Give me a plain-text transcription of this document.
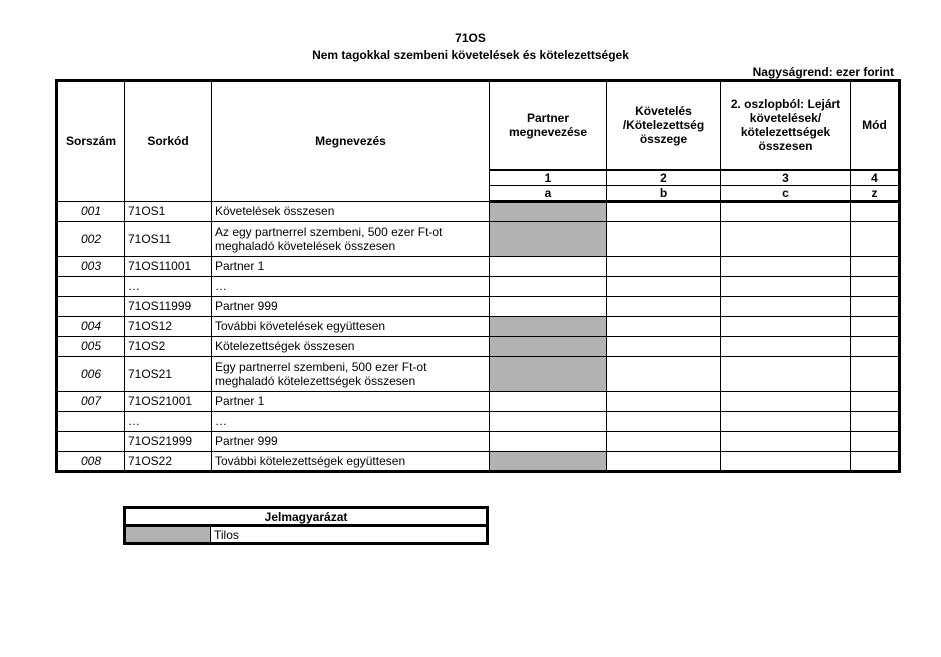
71OS
Nem tagokkal szembeni követelések és kötelezettségek
Nagyságrend: ezer forint
Sorszám	Sorkód	Megnevezés	Partner megnevezése	Követelés /Kötelezettség összege	2. oszlopból: Lejárt követelések/ kötelezettségek összesen	Mód
			1	2	3	4
			a	b	c	z
001	71OS1	Követelések összesen				
002	71OS11	Az egy partnerrel szembeni, 500 ezer Ft-ot meghaladó követelések összesen				
003	71OS11001	Partner 1				
	…	…				
	71OS11999	Partner 999				
004	71OS12	További követelések együttesen				
005	71OS2	Kötelezettségek összesen				
006	71OS21	Egy partnerrel szembeni, 500 ezer Ft-ot meghaladó kötelezettségek összesen				
007	71OS21001	Partner 1				
	…	…				
	71OS21999	Partner 999				
008	71OS22	További kötelezettségek együttesen				
Jelmagyarázat
	Tilos
